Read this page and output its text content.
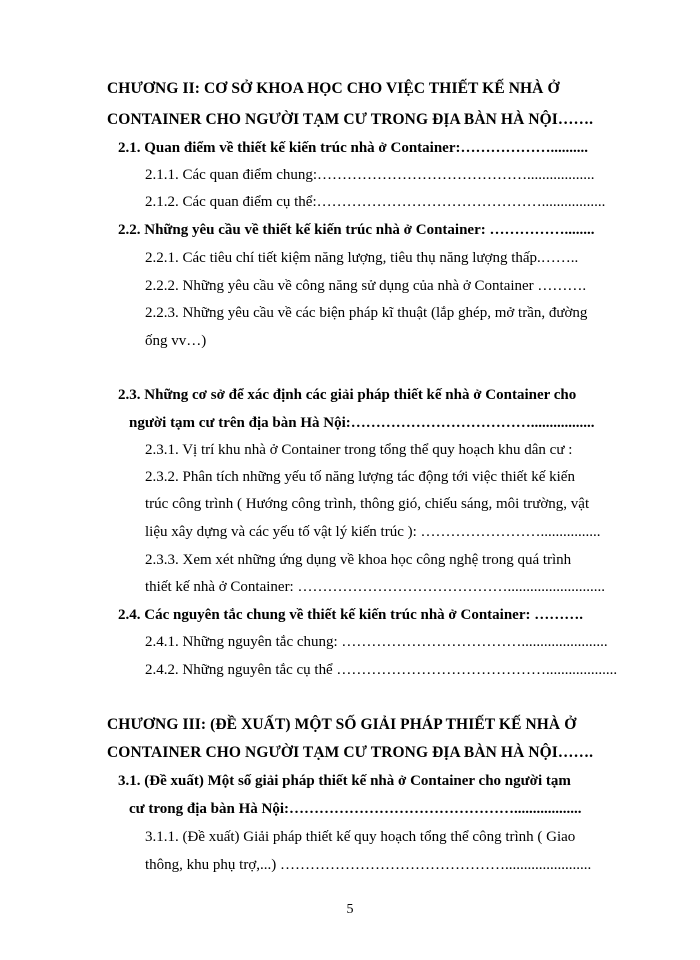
CHƯƠNG II: CƠ SỞ KHOA HỌC CHO VIỆC THIẾT KẾ NHÀ Ở
CONTAINER CHO NGƯỜI TẠM CƯ TRONG ĐỊA BÀN HÀ NỘI…….
2.1. Quan điểm về thiết kế kiến trúc nhà ở Container:………………..........
2.1.1. Các quan điểm chung:……………………………………..................
2.1.2. Các quan điểm cụ thể:……………………………………….................
2.2. Những yêu cầu về thiết kế kiến trúc nhà ở Container: ……………........
2.2.1. Các tiêu chí tiết kiệm năng lượng, tiêu thụ năng lượng thấp.……..
2.2.2. Những yêu cầu về công năng sử dụng của nhà ở Container ……….
2.2.3. Những yêu cầu về các biện pháp kĩ thuật (lắp ghép, mở trần, đường
ống vv…)
2.3. Những cơ sở để xác định các giải pháp thiết kế nhà ở Container cho
người tạm cư trên địa bàn Hà Nội:……………………………….................
2.3.1. Vị trí khu nhà ở Container trong tổng thể quy hoạch khu dân cư :
2.3.2. Phân tích những yếu tố năng lượng tác động tới việc thiết kế kiến
trúc công trình ( Hướng công trình, thông gió, chiếu sáng, môi trường, vật
liệu xây dựng và các yếu tố vật lý kiến trúc ): ……………………................
2.3.3. Xem xét những ứng dụng về khoa học công nghệ trong quá trình
thiết kế nhà ở Container: ……………………………………..........................
2.4. Các nguyên tắc chung về thiết kế kiến trúc nhà ở Container: ……….
2.4.1. Những nguyên tắc chung: ……………………………….......................
2.4.2. Những nguyên tắc cụ thể ……………………………………...................
CHƯƠNG III: (ĐỀ XUẤT) MỘT SỐ GIẢI PHÁP THIẾT KẾ NHÀ Ở
CONTAINER CHO NGƯỜI TẠM CƯ TRONG ĐỊA BÀN HÀ NỘI…….
3.1. (Đề xuất) Một số giải pháp thiết kế nhà ở Container cho người tạm
cư trong địa bàn Hà Nội:………………………………………..................
3.1.1. (Đề xuất) Giải pháp thiết kế quy hoạch tổng thể công trình ( Giao
thông, khu phụ trợ,...) ……………………………………….......................
5
